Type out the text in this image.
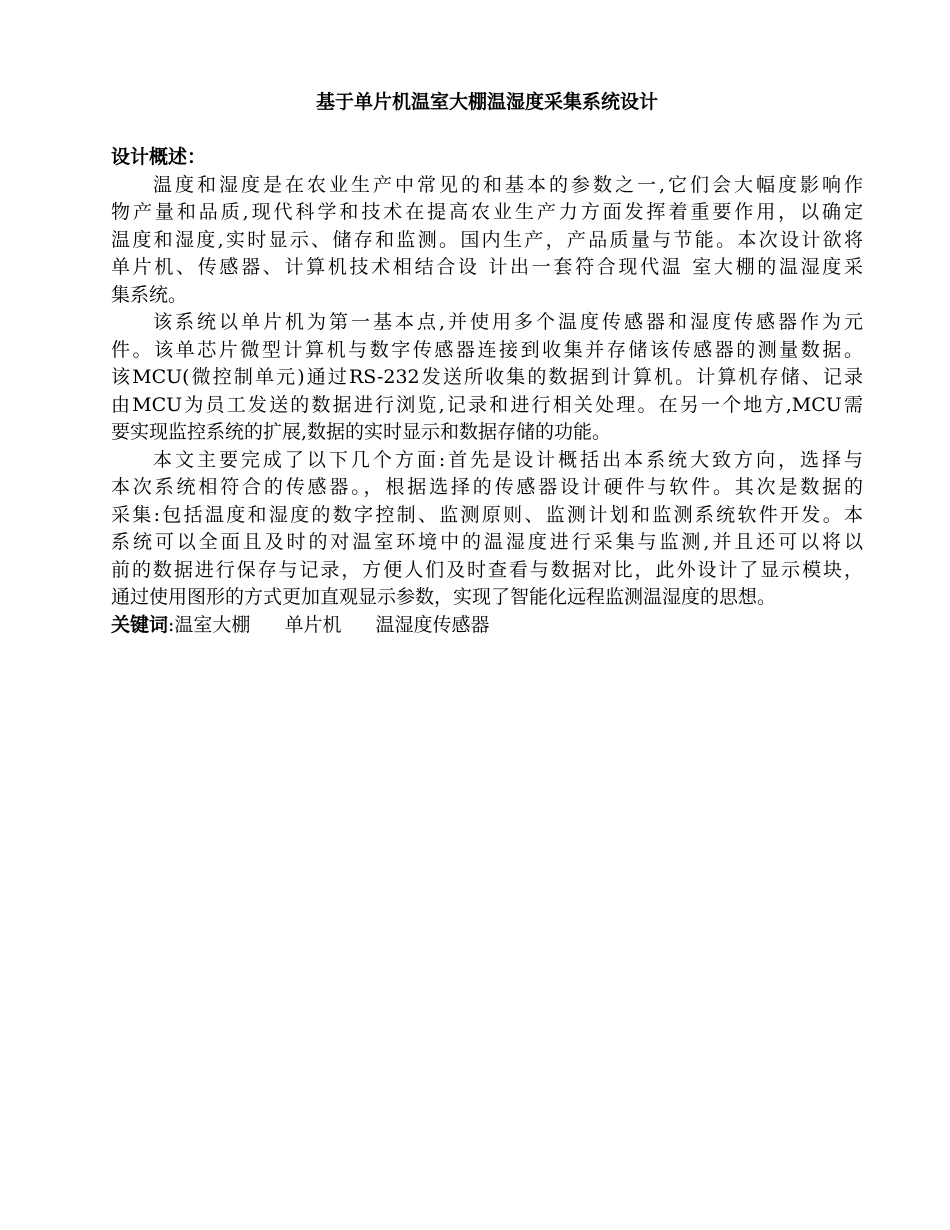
基于单片机温室大棚温湿度采集系统设计

设计概述：

温度和湿度是在农业生产中常见的和基本的参数之一,它们会大幅度影响作
物产量和品质,现代科学和技术在提高农业生产力方面发挥着重要作用，以确定
温度和湿度,实时显示、储存和监测。国内生产，产品质量与节能。本次设计欲将
单片机、传感器、计算机技术相结合设 计出一套符合现代温 室大棚的温湿度采
集系统。

该系统以单片机为第一基本点,并使用多个温度传感器和湿度传感器作为元
件。该单芯片微型计算机与数字传感器连接到收集并存储该传感器的测量数据。
该MCU(微控制单元)通过RS-232发送所收集的数据到计算机。计算机存储、记录
由MCU为员工发送的数据进行浏览,记录和进行相关处理。在另一个地方,MCU需
要实现监控系统的扩展,数据的实时显示和数据存储的功能。

本文主要完成了以下几个方面:首先是设计概括出本系统大致方向，选择与
本次系统相符合的传感器。，根据选择的传感器设计硬件与软件。其次是数据的
采集:包括温度和湿度的数字控制、监测原则、监测计划和监测系统软件开发。本
系统可以全面且及时的对温室环境中的温湿度进行采集与监测,并且还可以将以
前的数据进行保存与记录，方便人们及时查看与数据对比，此外设计了显示模块，
通过使用图形的方式更加直观显示参数，实现了智能化远程监测温湿度的思想。

关键词:温室大棚 单片机 温湿度传感器
